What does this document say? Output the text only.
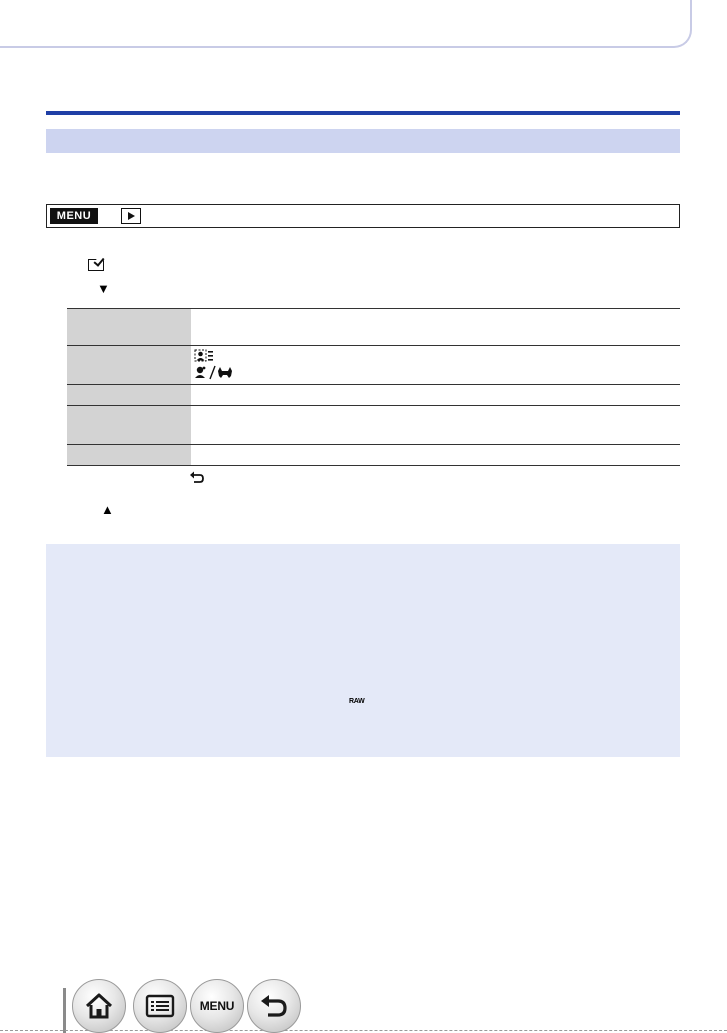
MENU
▼
▲
RAW
MENU
